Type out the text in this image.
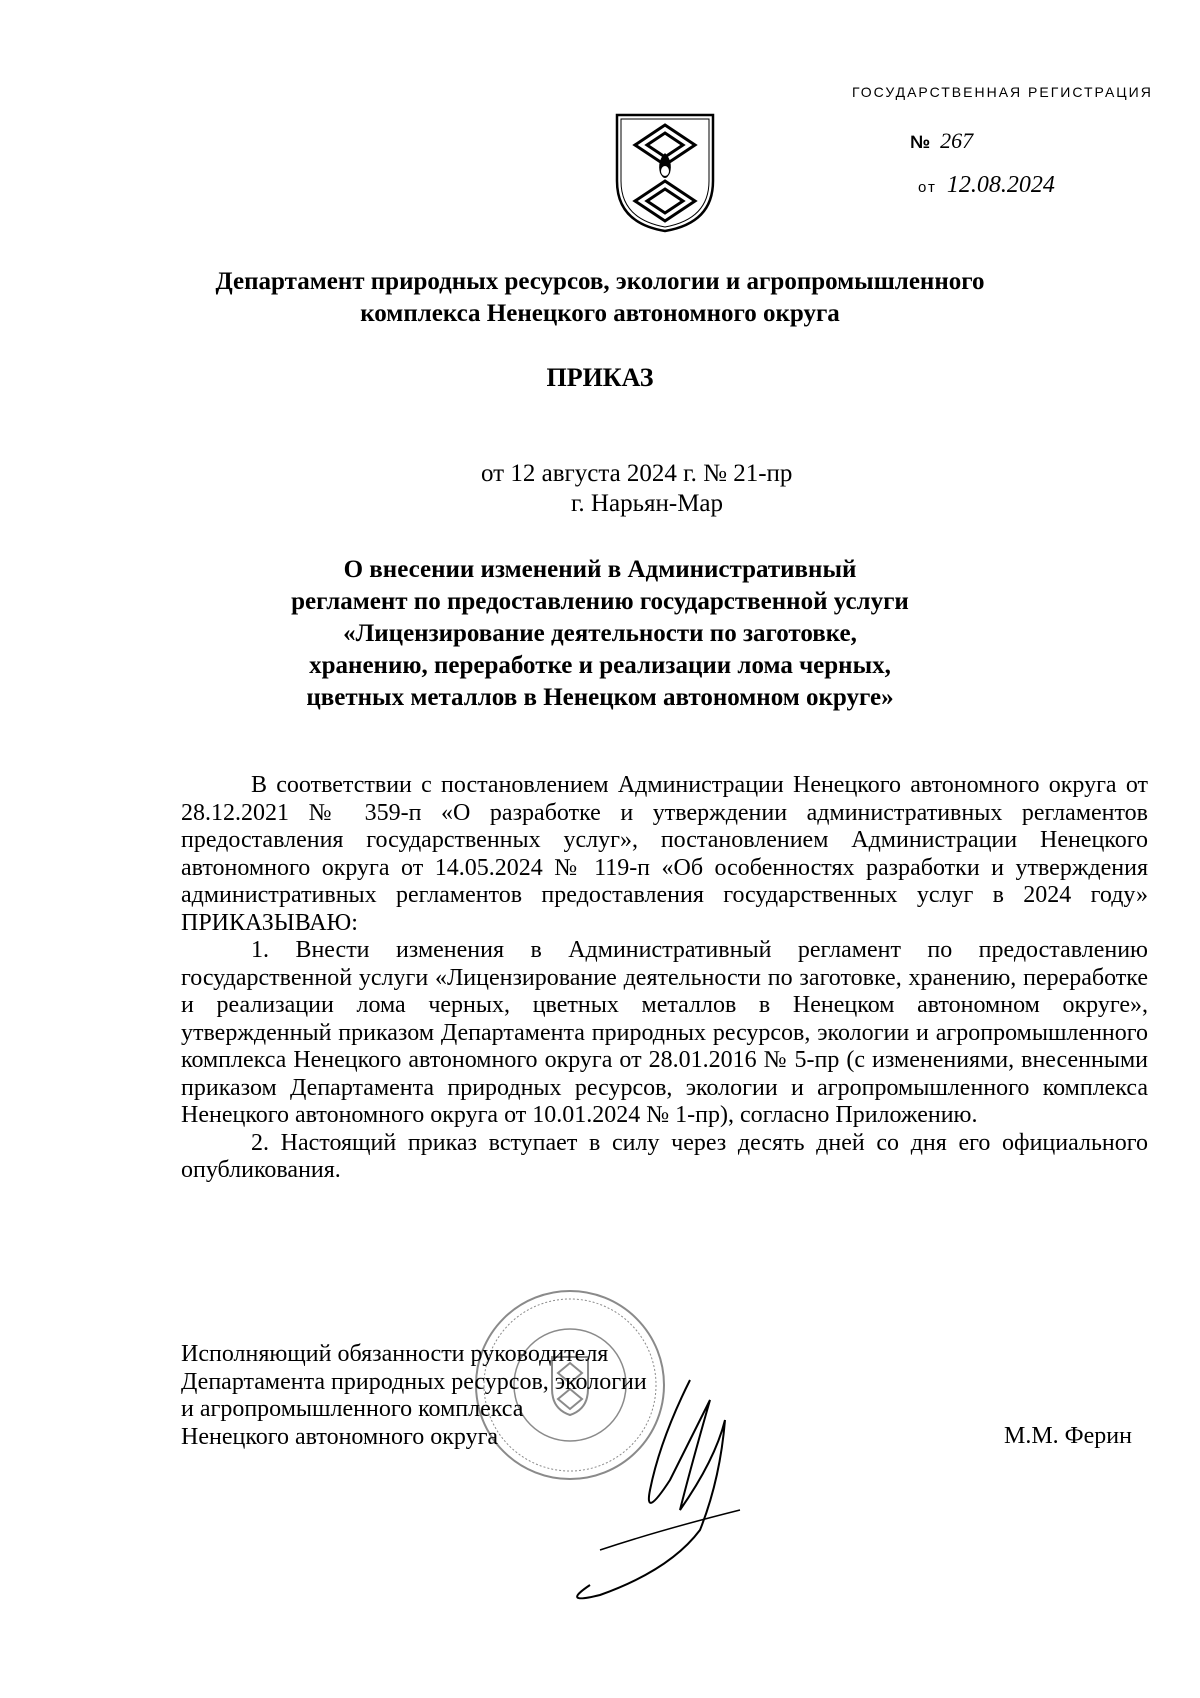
ГОСУДАРСТВЕННАЯ РЕГИСТРАЦИЯ
№ 267
от 12.08.2024
Департамент природных ресурсов, экологии и агропромышленного
комплекса Ненецкого автономного округа
ПРИКАЗ
от 12 августа 2024 г. № 21-пр
г. Нарьян-Мар
О внесении изменений в Административный
регламент по предоставлению государственной услуги
«Лицензирование деятельности по заготовке,
хранению, переработке и реализации лома черных,
цветных металлов в Ненецком автономном округе»

В соответствии с постановлением Администрации Ненецкого автономного округа от 28.12.2021 № 359-п «О разработке и утверждении административных регламентов предоставления государственных услуг», постановлением Администрации Ненецкого автономного округа от 14.05.2024 № 119-п «Об особенностях разработки и утверждения административных регламентов предоставления государственных услуг в 2024 году» ПРИКАЗЫВАЮ:

1. Внести изменения в Административный регламент по предоставлению государственной услуги «Лицензирование деятельности по заготовке, хранению, переработке и реализации лома черных, цветных металлов в Ненецком автономном округе», утвержденный приказом Департамента природных ресурсов, экологии и агропромышленного комплекса Ненецкого автономного округа от 28.01.2016 № 5-пр (с изменениями, внесенными приказом Департамента природных ресурсов, экологии и агропромышленного комплекса Ненецкого автономного округа от 10.01.2024 № 1-пр), согласно Приложению.

2. Настоящий приказ вступает в силу через десять дней со дня его официального опубликования.

Исполняющий обязанности руководителя
Департамента природных ресурсов, экологии
и агропромышленного комплекса
Ненецкого автономного округа	М.М. Ферин
